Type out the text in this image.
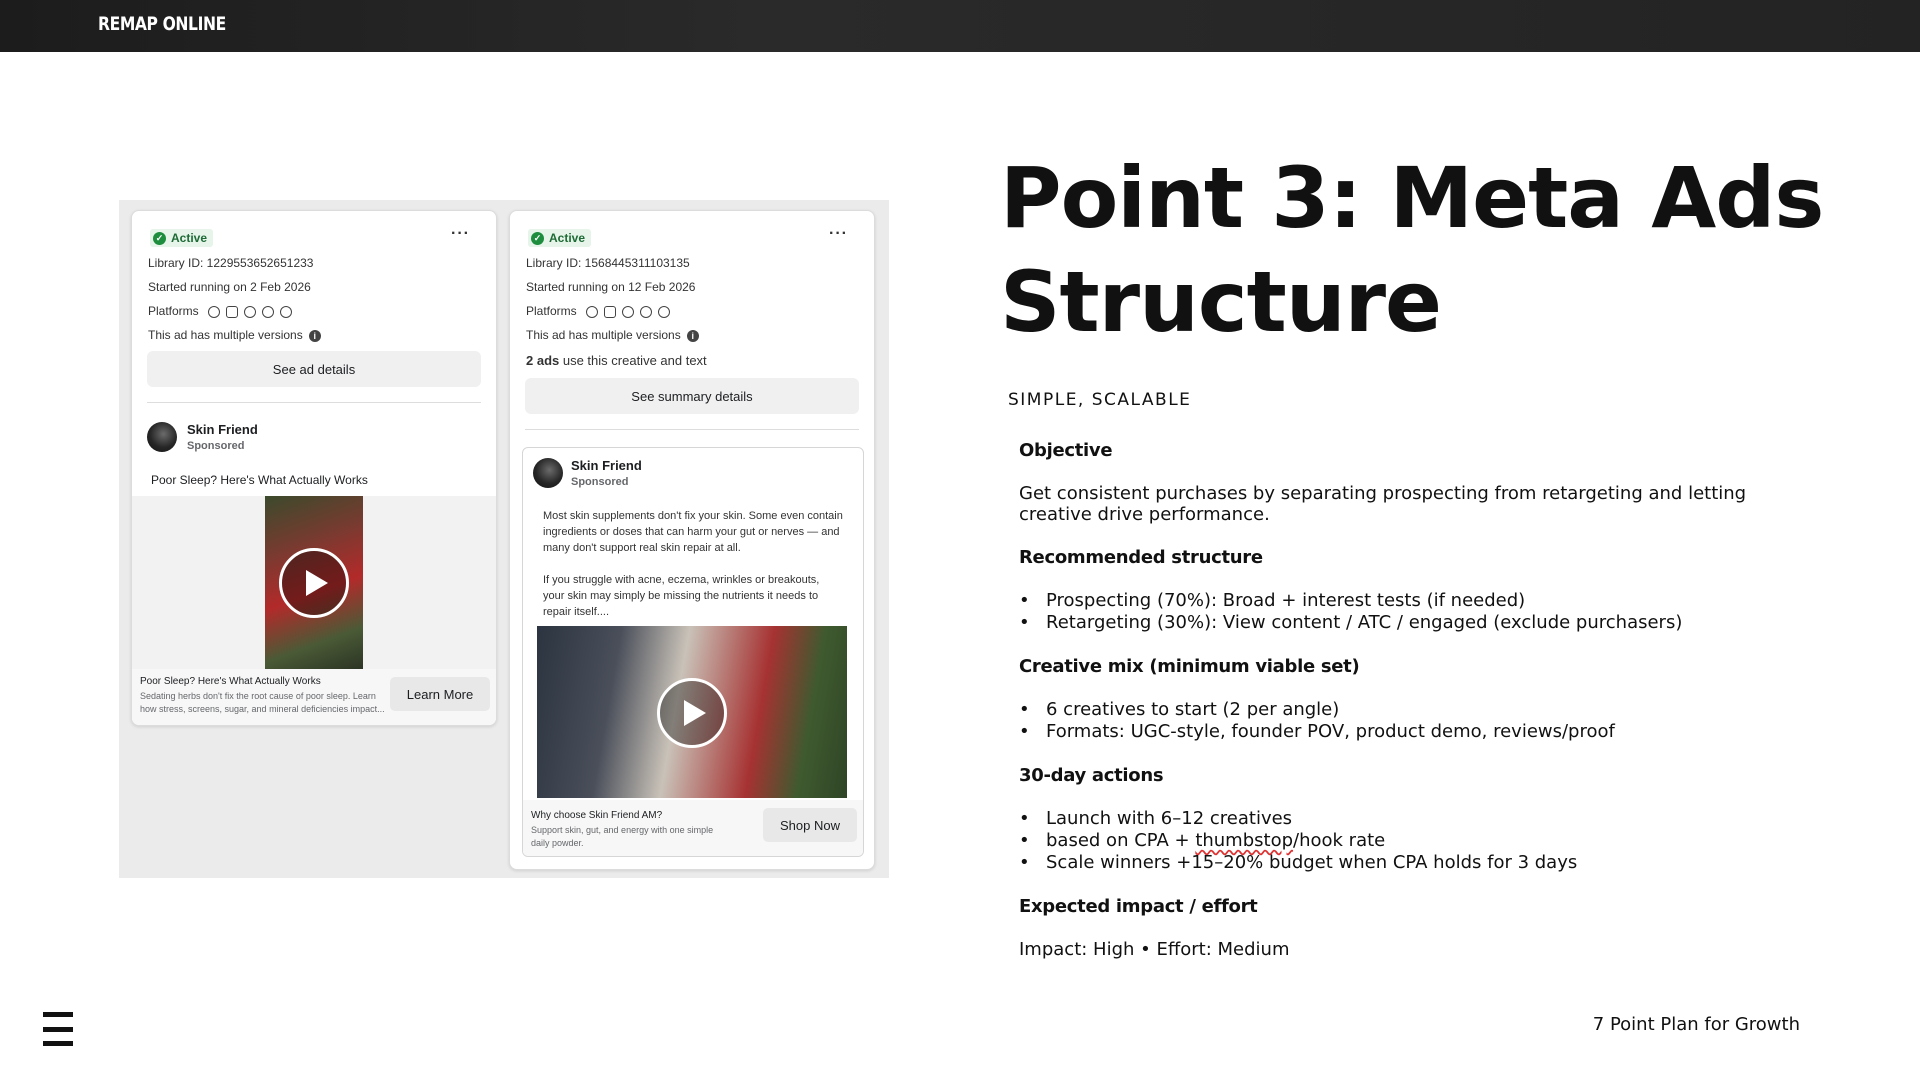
REMAP ONLINE
✓ Active	···
Library ID: 1229553652651233
Started running on 2 Feb 2026
Platforms
This ad has multiple versions i
See ad details
Skin Friend
Sponsored
Poor Sleep? Here's What Actually Works
Poor Sleep? Here's What Actually Works
Sedating herbs don't fix the root cause of poor sleep. Learn how stress, screens, sugar, and mineral deficiencies impact...
Learn More
✓ Active	···
Library ID: 1568445311103135
Started running on 12 Feb 2026
Platforms
This ad has multiple versions i
2 ads use this creative and text
See summary details
Skin Friend
Sponsored
Most skin supplements don't fix your skin. Some even contain ingredients or doses that can harm your gut or nerves — and many don't support real skin repair at all.
If you struggle with acne, eczema, wrinkles or breakouts, your skin may simply be missing the nutrients it needs to repair itself....
Why choose Skin Friend AM?
Support skin, gut, and energy with one simple daily powder.
Shop Now
Point 3: Meta Ads
Structure
SIMPLE, SCALABLE
Objective

Get consistent purchases by separating prospecting from retargeting and letting creative drive performance.

Recommended structure
• Prospecting (70%): Broad + interest tests (if needed)
• Retargeting (30%): View content / ATC / engaged (exclude purchasers)
Creative mix (minimum viable set)
• 6 creatives to start (2 per angle)
• Formats: UGC-style, founder POV, product demo, reviews/proof
30-day actions
• Launch with 6–12 creatives
• based on CPA + thumbstop/hook rate
• Scale winners +15–20% budget when CPA holds for 3 days
Expected impact / effort

Impact: High • Effort: Medium

7 Point Plan for Growth
